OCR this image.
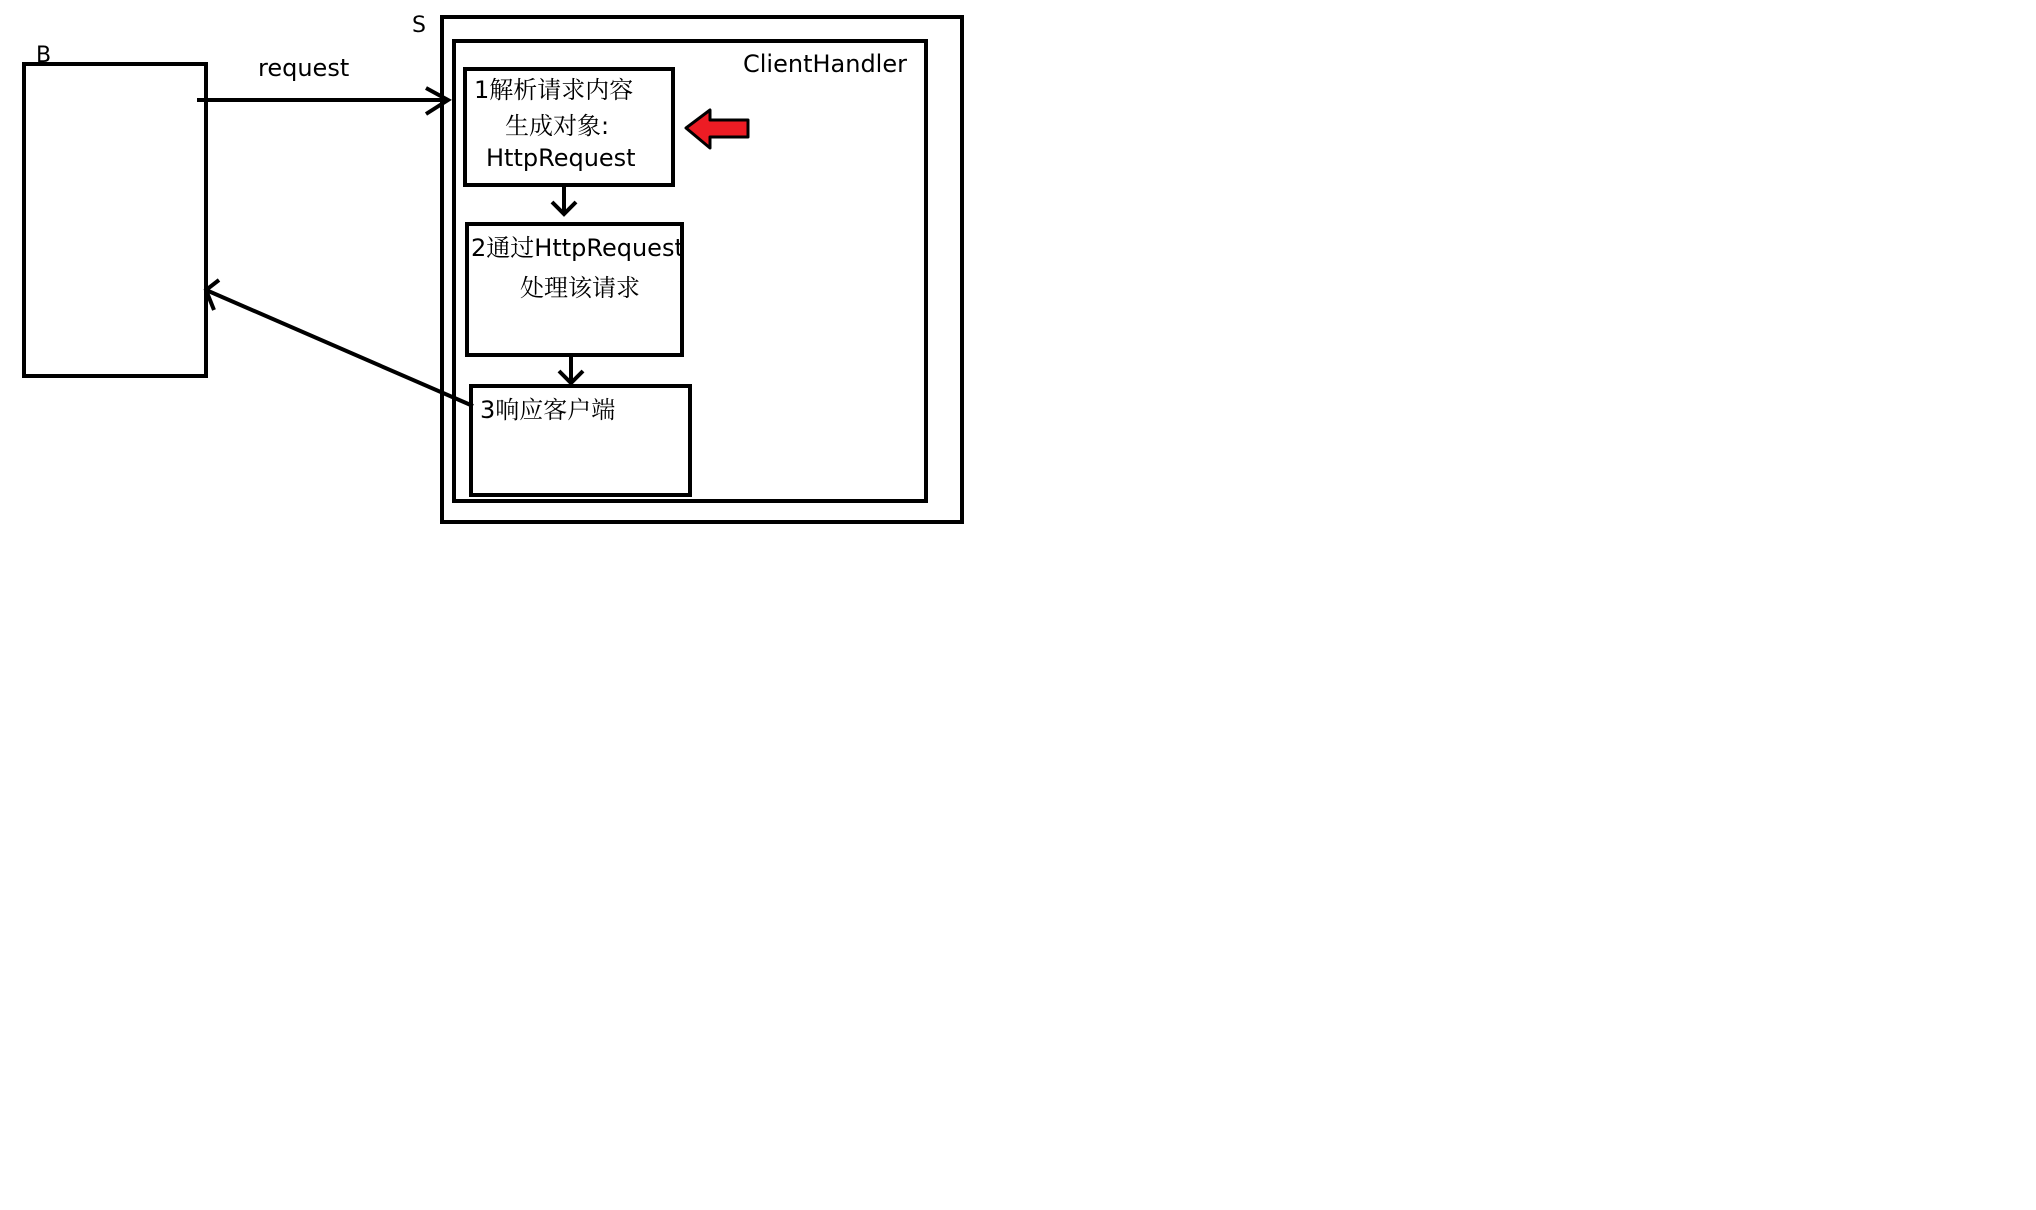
B
S
ClientHandler
request
1解析请求内容
生成对象:
HttpRequest
2通过HttpRequest
处理该请求
3响应客户端
